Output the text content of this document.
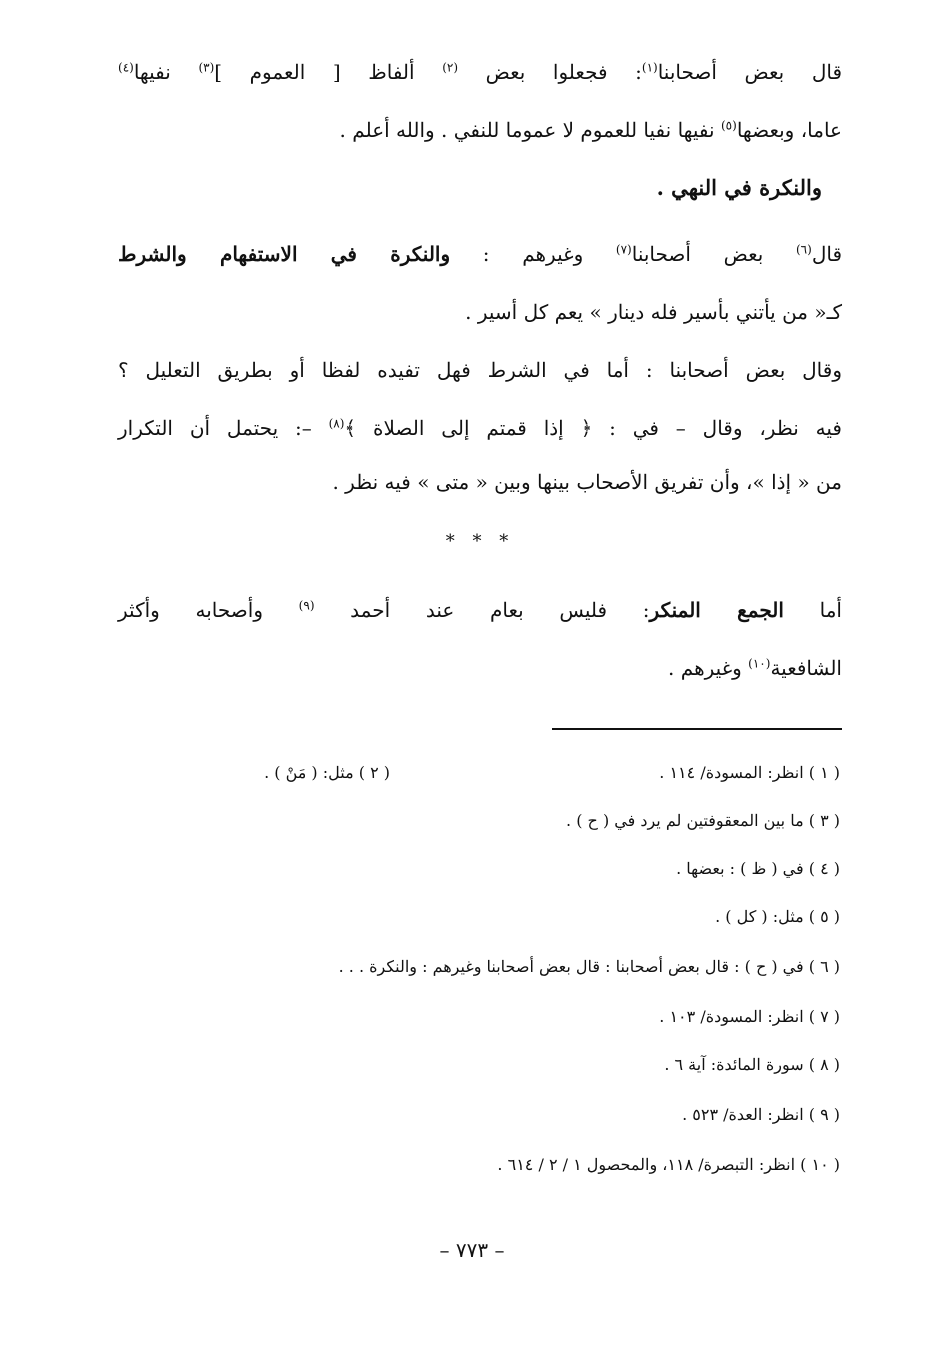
قال بعض أصحابنا$^{(١)}$: فجعلوا بعض $^{(٢)}$ ألفاظ [ العموم ]$^{(٣)}$ نفيها$^{(٤)}$

عاما، وبعضها$^{(٥)}$ نفيها نفيا للعموم لا عموما للنفي . والله أعلم .

والنكرة في النهي .

قال$^{(٦)}$ بعض أصحابنا$^{(٧)}$ وغيرهم : والنكرة في الاستفهام والشرط

كـ« من يأتني بأسير فله دينار » يعم كل أسير .

وقال بعض أصحابنا : أما في الشرط فهل تفيده لفظا أو بطريق التعليل ؟

فيه نظر، وقال – في : ﴿ إذا قمتم إلى الصلاة ﴾$^{(٨)}$ –: يحتمل أن التكرار

من « إذا »، وأن تفريق الأصحاب بينها وبين « متى » فيه نظر .

* * *

أما الجمع المنكر: فليس بعام عند أحمد $^{(٩)}$ وأصحابه وأكثر

الشافعية$^{(١٠)}$ وغيرهم .

( ١ ) انظر: المسودة/ ١١٤ .
( ٢ ) مثل: ( مَنْ ) .
( ٣ ) ما بين المعقوفتين لم يرد في ( ح ) .
( ٤ ) في ( ظ ) : بعضها .
( ٥ ) مثل: ( كل ) .
( ٦ ) في ( ح ) : قال بعض أصحابنا : قال بعض أصحابنا وغيرهم : والنكرة . . .
( ٧ ) انظر: المسودة/ ١٠٣ .
( ٨ ) سورة المائدة: آية ٦ .
( ٩ ) انظر: العدة/ ٥٢٣ .
( ١٠ ) انظر: التبصرة/ ١١٨، والمحصول ١ / ٢ / ٦١٤ .
– ٧٧٣ –
